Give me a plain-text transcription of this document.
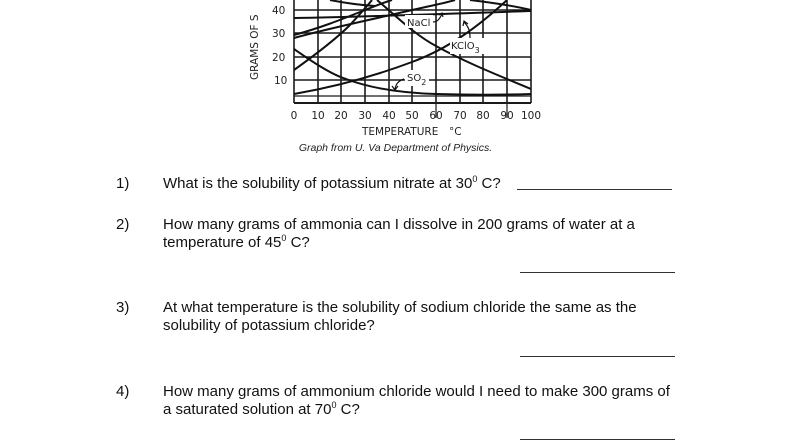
GRAMS OF S
40
30
20
10
0 10 20 30 40 50 60 70 80 90 100
TEMPERATURE °C
NaCl
KClO$_3$
$SO_2$
Graph from U. Va Department of Physics.
1) What is the solubility of potassium nitrate at $30^0$ C?
2) How many grams of ammonia can I dissolve in 200 grams of water at a temperature of $45^0$ C?
3) At what temperature is the solubility of sodium chloride the same as the solubility of potassium chloride?
4) How many grams of ammonium chloride would I need to make 300 grams of a saturated solution at $70^0$ C?
